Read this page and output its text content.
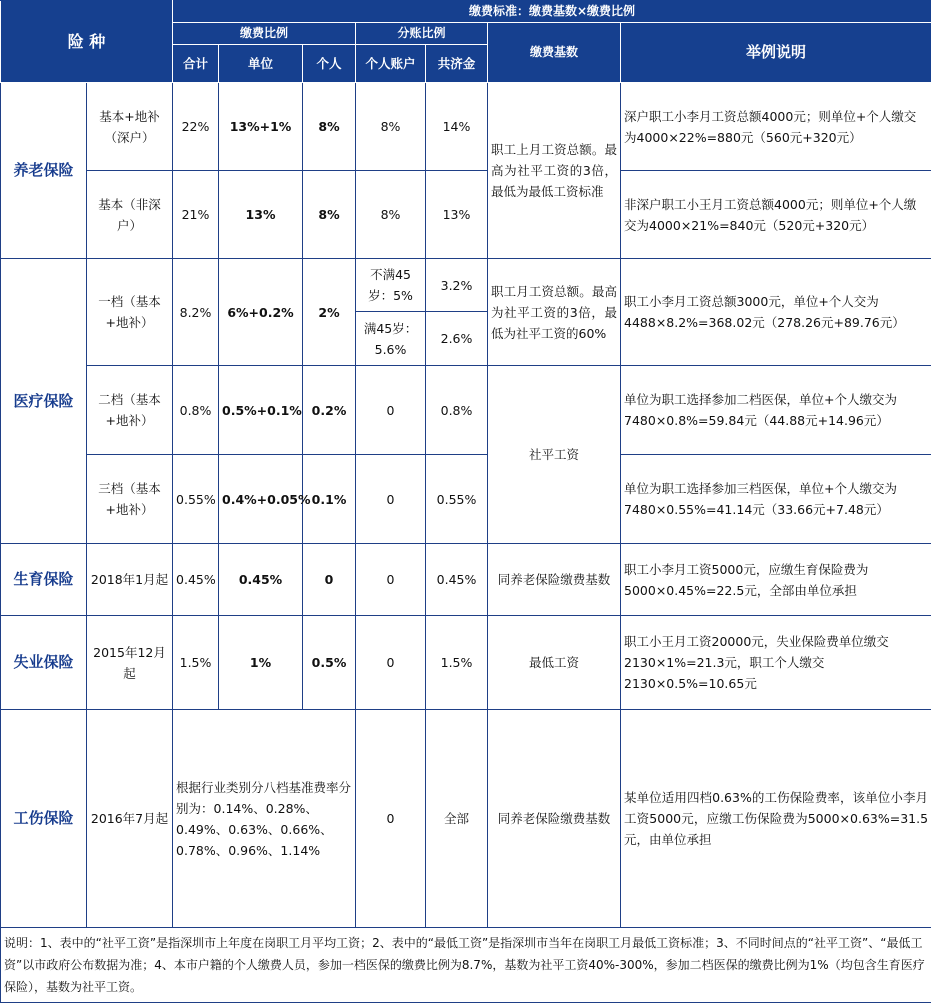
险 种		缴费标准：缴费基数×缴费比例						
		缴费比例			分账比例		缴费基数	举例说明
		合计	单位	个人	个人账户	共济金		
养老保险	基本+地补（深户）	22%	13%+1%	8%	8%	14%	职工上月工资总额。最高为社平工资的3倍，最低为最低工资标准	深户职工小李月工资总额4000元；则单位+个人缴交为4000×22%=880元（560元+320元）
	基本（非深户）	21%	13%	8%	8%	13%		非深户职工小王月工资总额4000元；则单位+个人缴交为4000×21%=840元（520元+320元）
医疗保险	一档（基本+地补）	8.2%	6%+0.2%	2%	不满45岁：5%	3.2%	职工月工资总额。最高为社平工资的3倍，最低为社平工资的60%	职工小李月工资总额3000元，单位+个人交为4488×8.2%=368.02元（278.26元+89.76元）
					满45岁：5.6%	2.6%		
	二档（基本+地补）	0.8%	0.5%+0.1%	0.2%	0	0.8%	社平工资	单位为职工选择参加二档医保，单位+个人缴交为7480×0.8%=59.84元（44.88元+14.96元）
	三档（基本+地补）	0.55%	0.4%+0.05%	0.1%	0	0.55%		单位为职工选择参加三档医保，单位+个人缴交为7480×0.55%=41.14元（33.66元+7.48元）
生育保险	2018年1月起	0.45%	0.45%	0	0	0.45%	同养老保险缴费基数	职工小李月工资5000元，应缴生育保险费为5000×0.45%=22.5元，全部由单位承担
失业保险	2015年12月起	1.5%	1%	0.5%	0	1.5%	最低工资	职工小王月工资20000元，失业保险费单位缴交2130×1%=21.3元，职工个人缴交2130×0.5%=10.65元
工伤保险	2016年7月起	根据行业类别分八档基准费率分别为：0.14%、0.28%、0.49%、0.63%、0.66%、0.78%、0.96%、1.14%			0	全部	同养老保险缴费基数	某单位适用四档0.63%的工伤保险费率，该单位小李月工资5000元，应缴工伤保险费为5000×0.63%=31.5元，由单位承担
说明：1、表中的“社平工资”是指深圳市上年度在岗职工月平均工资；2、表中的“最低工资”是指深圳市当年在岗职工月最低工资标准；3、不同时间点的“社平工资”、“最低工资”以市政府公布数据为准；4、本市户籍的个人缴费人员，参加一档医保的缴费比例为8.7%，基数为社平工资40%-300%，参加二档医保的缴费比例为1%（均包含生育医疗保险），基数为社平工资。								
